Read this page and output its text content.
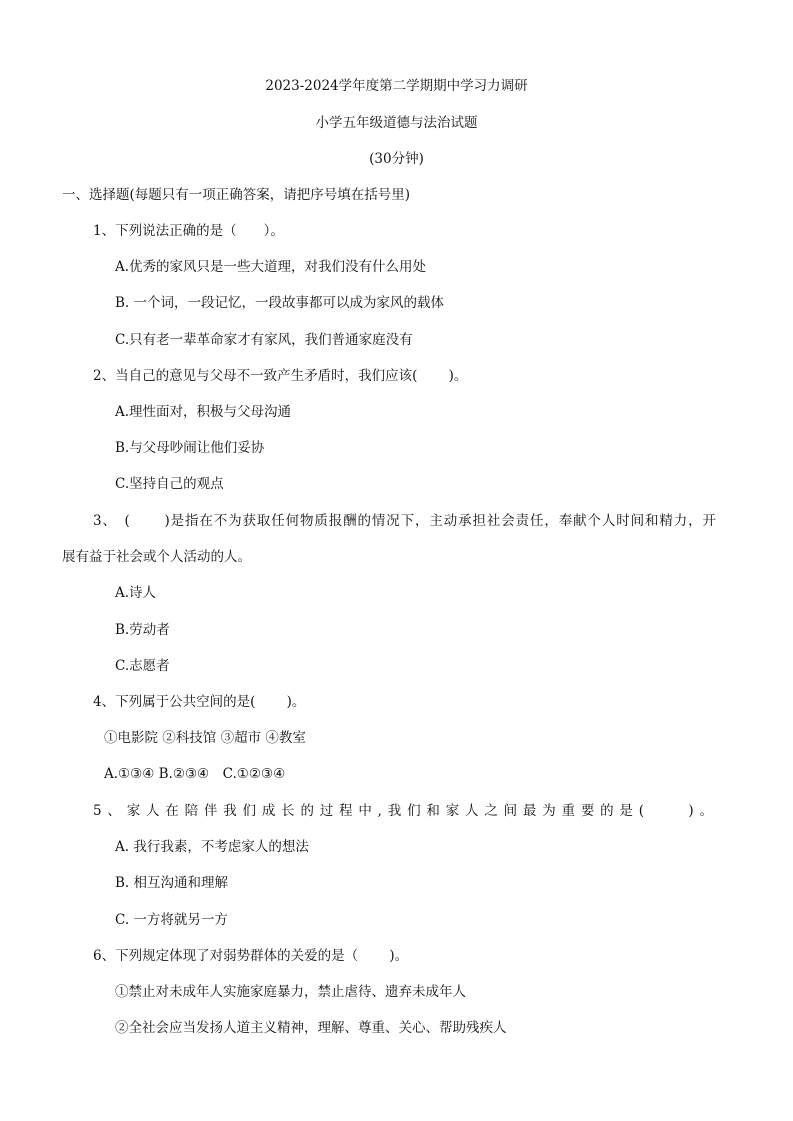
2023-2024学年度第二学期期中学习力调研
小学五年级道德与法治试题
(30分钟)
一、选择题(每题只有一项正确答案，请把序号填在括号里)
1、下列说法正确的是（　　）。
A.优秀的家风只是一些大道理，对我们没有什么用处
B. 一个词，一段记忆，一段故事都可以成为家风的载体
C.只有老一辈革命家才有家风，我们普通家庭没有
2、当自己的意见与父母不一致产生矛盾时，我们应该(　　 )。
A.理性面对，积极与父母沟通
B.与父母吵闹让他们妥协
C.坚持自己的观点
3、　(　　 )是指在不为获取任何物质报酬的情况下，主动承担社会责任，奉献个人时间和精力，开
展有益于社会或个人活动的人。
A.诗人
B.劳动者
C.志愿者
4、下列属于公共空间的是(　　 )。
①电影院 ②科技馆 ③超市 ④教室
A.①③④ B.②③④　C.①②③④
5、家人在陪伴我们成长的过程中,我们和家人之间最为重要的是(　　)。
A. 我行我素，不考虑家人的想法
B. 相互沟通和理解
C. 一方将就另一方
6、下列规定体现了对弱势群体的关爱的是（　　 )。
①禁止对未成年人实施家庭暴力，禁止虐待、遗弃未成年人
②全社会应当发扬人道主义精神，理解、尊重、关心、帮助残疾人
